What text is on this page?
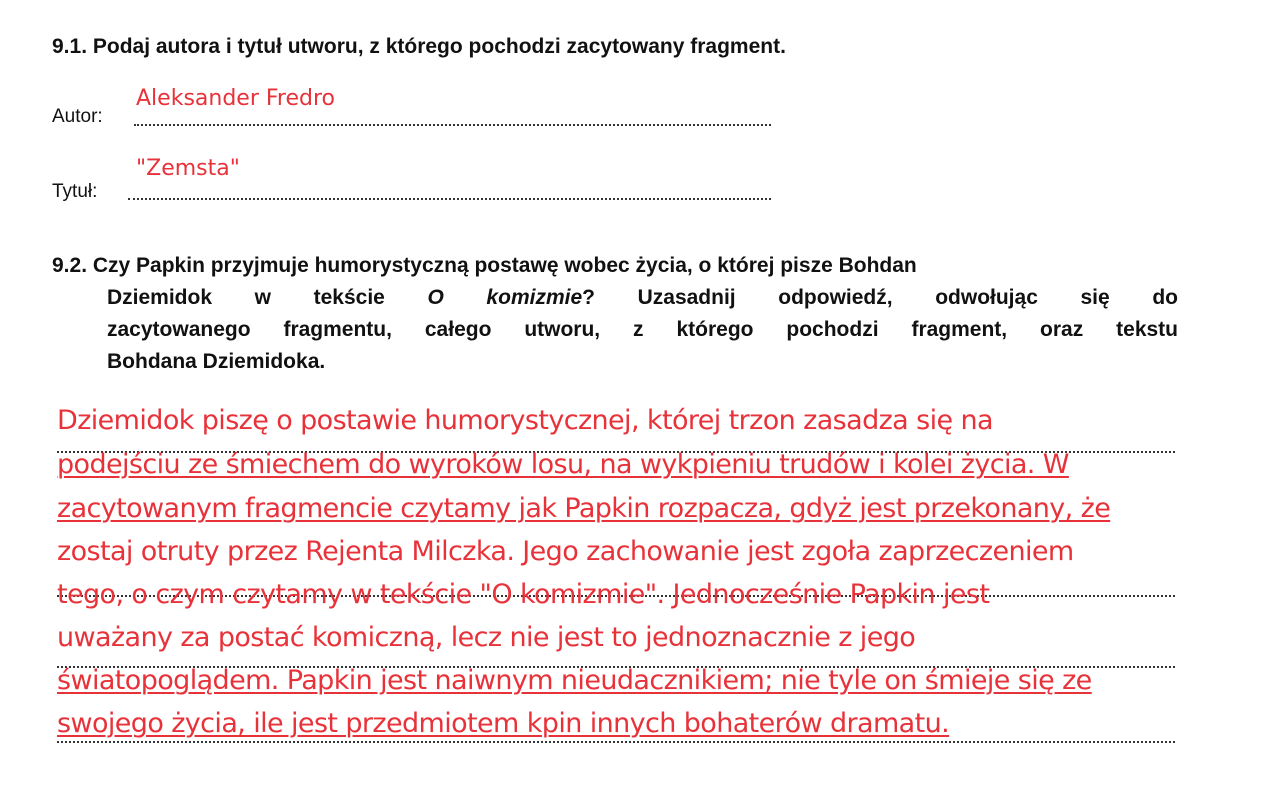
9.1. Podaj autora i tytuł utworu, z którego pochodzi zacytowany fragment.
Autor:
Aleksander Fredro
Tytuł:
"Zemsta"
9.2. Czy Papkin przyjmuje humorystyczną postawę wobec życia, o której pisze Bohdan
Dziemidok w tekście O komizmie? Uzasadnij odpowiedź, odwołując się do
zacytowanego fragmentu, całego utworu, z którego pochodzi fragment, oraz tekstu
Bohdana Dziemidoka.
Dziemidok piszę o postawie humorystycznej, której trzon zasadza się na
podejściu ze śmiechem do wyroków losu, na wykpieniu trudów i kolei życia. W
zacytowanym fragmencie czytamy jak Papkin rozpacza, gdyż jest przekonany, że
zostaj otruty przez Rejenta Milczka. Jego zachowanie jest zgoła zaprzeczeniem
tego, o czym czytamy w tekście "O komizmie". Jednocześnie Papkin jest
uważany za postać komiczną, lecz nie jest to jednoznacznie z jego
światopoglądem. Papkin jest naiwnym nieudacznikiem; nie tyle on śmieje się ze
swojego życia, ile jest przedmiotem kpin innych bohaterów dramatu.
